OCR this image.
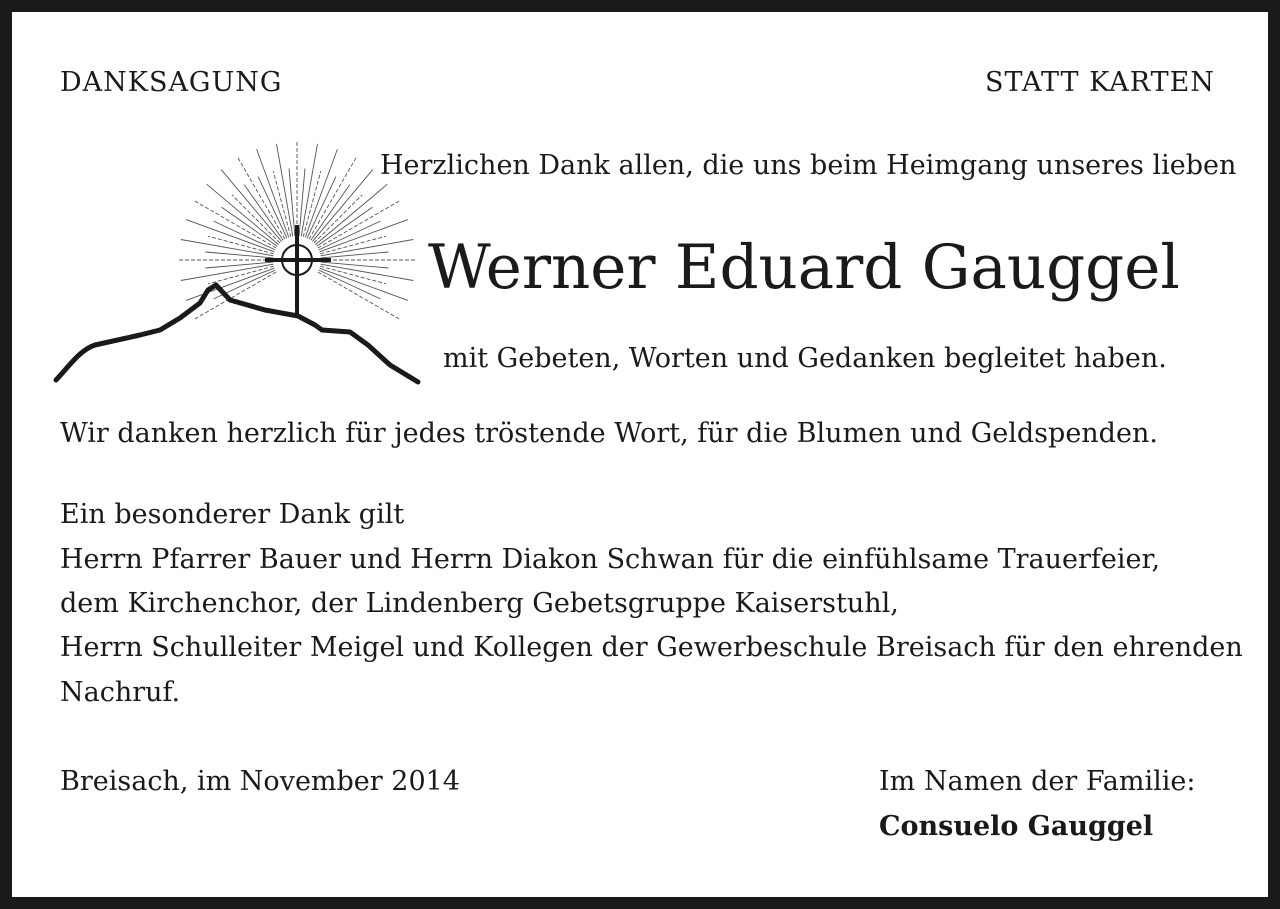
DANKSAGUNG	STATT KARTEN
Herzlichen Dank allen, die uns beim Heimgang unseres lieben
Werner Eduard Gauggel
mit Gebeten, Worten und Gedanken begleitet haben.
Wir danken herzlich für jedes tröstende Wort, für die Blumen und Geldspenden.
Ein besonderer Dank gilt
Herrn Pfarrer Bauer und Herrn Diakon Schwan für die einfühlsame Trauerfeier,
dem Kirchenchor, der Lindenberg Gebetsgruppe Kaiserstuhl,
Herrn Schulleiter Meigel und Kollegen der Gewerbeschule Breisach für den ehrenden
Nachruf.
Breisach, im November 2014	Im Namen der Familie:
Consuelo Gauggel
